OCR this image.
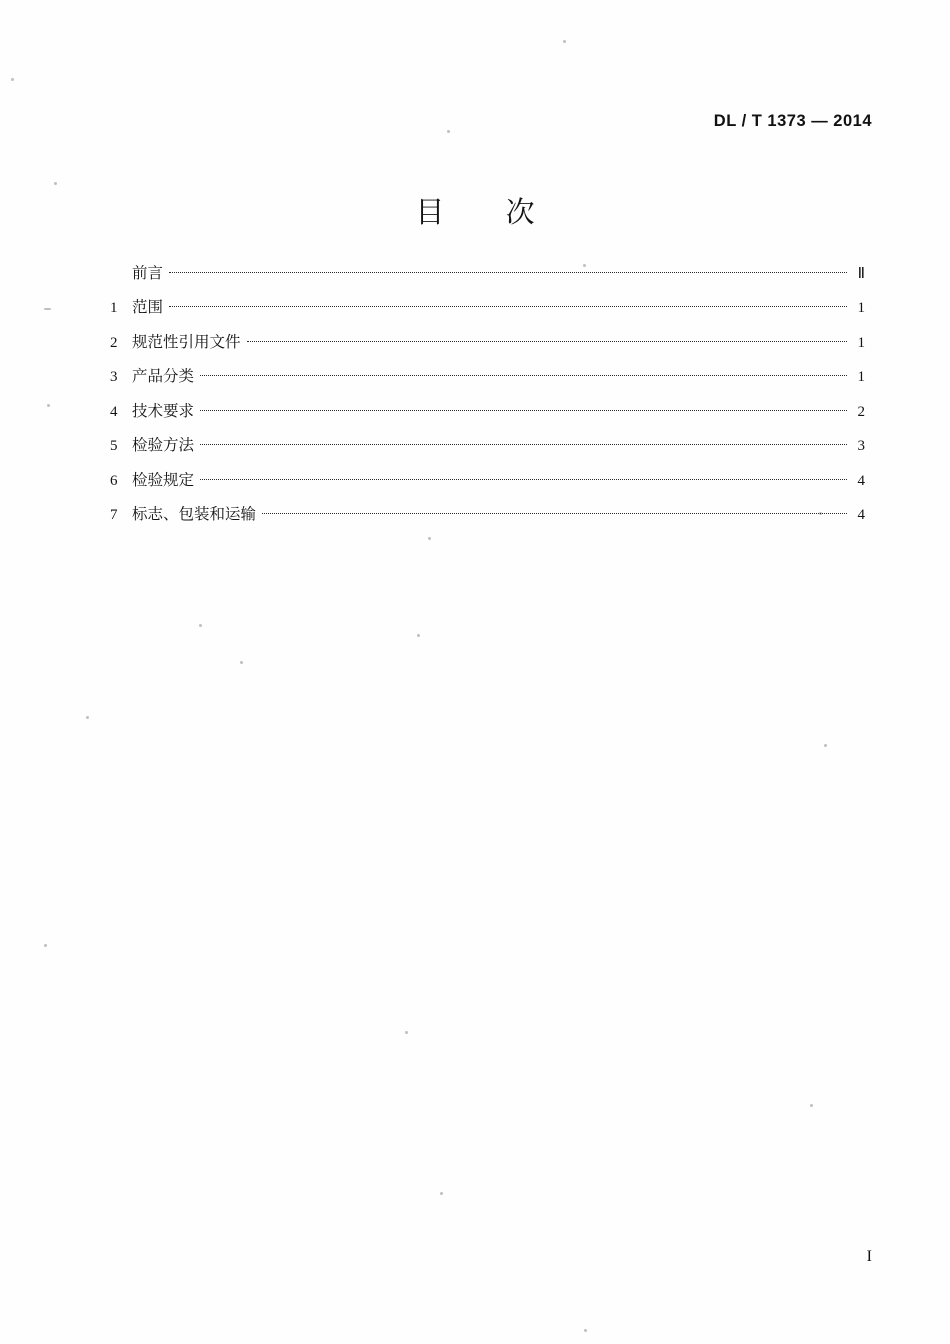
DL / T 1373 — 2014
目 次
前言	Ⅱ
1 范围	1
2 规范性引用文件	1
3 产品分类	1
4 技术要求	2
5 检验方法	3
6 检验规定	4
7 标志、包装和运输	4
I
